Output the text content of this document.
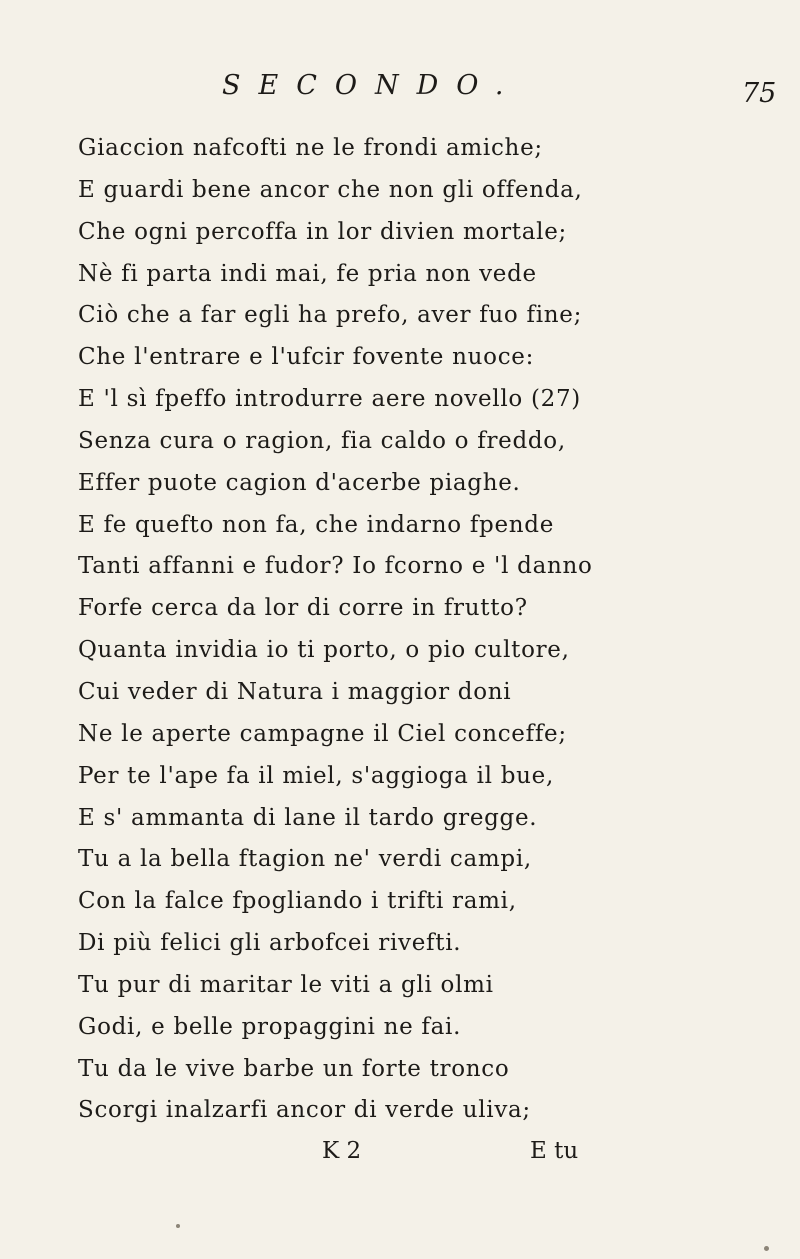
SECONDO.	75
Giaccion nafcofti ne le frondi amiche;
E guardi bene ancor che non gli offenda,
Che ogni percoffa in lor divien mortale;
Nè fi parta indi mai, fe pria non vede
Ciò che a far egli ha prefo, aver fuo fine;
Che l'entrare e l'ufcir fovente nuoce:
E 'l sì fpeffo introdurre aere novello (27)
Senza cura o ragion, fia caldo o freddo,
Effer puote cagion d'acerbe piaghe.
E fe quefto non fa, che indarno fpende
Tanti affanni e fudor? Io fcorno e 'l danno
Forfe cerca da lor di corre in frutto?
Quanta invidia io ti porto, o pio cultore,
Cui veder di Natura i maggior doni
Ne le aperte campagne il Ciel conceffe;
Per te l'ape fa il miel, s'aggioga il bue,
E s' ammanta di lane il tardo gregge.
Tu a la bella ftagion ne' verdi campi,
Con la falce fpogliando i trifti rami,
Di più felici gli arbofcei rivefti.
Tu pur di maritar le viti a gli olmi
Godi, e belle propaggini ne fai.
Tu da le vive barbe un forte tronco
Scorgi inalzarfi ancor di verde uliva;
K 2	E tu
